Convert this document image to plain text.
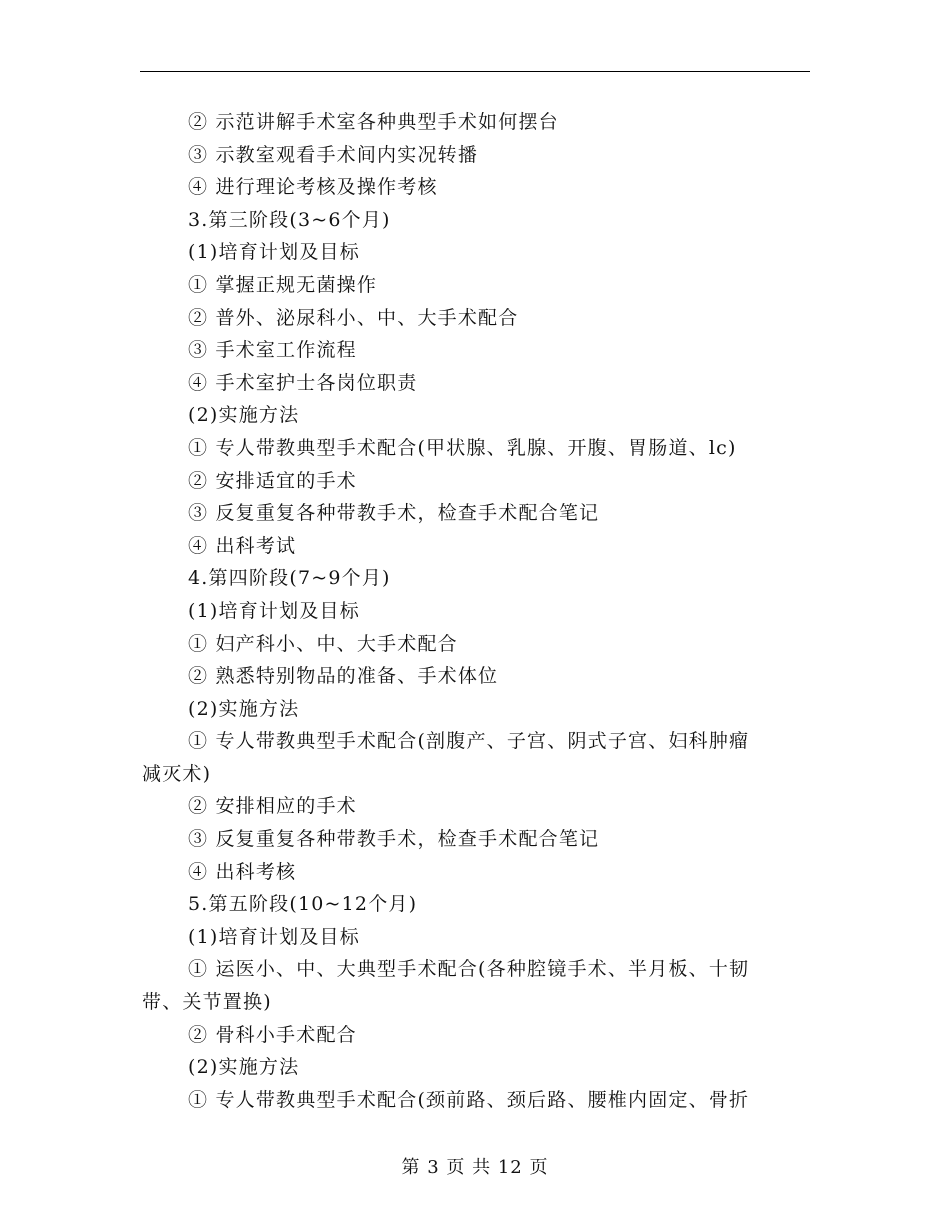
② 示范讲解手术室各种典型手术如何摆台
③ 示教室观看手术间内实况转播
④ 进行理论考核及操作考核
3.第三阶段(3~6个月)
(1)培育计划及目标
① 掌握正规无菌操作
② 普外、泌尿科小、中、大手术配合
③ 手术室工作流程
④ 手术室护士各岗位职责
(2)实施方法
① 专人带教典型手术配合(甲状腺、乳腺、开腹、胃肠道、lc)
② 安排适宜的手术
③ 反复重复各种带教手术，检查手术配合笔记
④ 出科考试
4.第四阶段(7~9个月)
(1)培育计划及目标
① 妇产科小、中、大手术配合
② 熟悉特别物品的准备、手术体位
(2)实施方法
① 专人带教典型手术配合(剖腹产、子宫、阴式子宫、妇科肿瘤
减灭术)
② 安排相应的手术
③ 反复重复各种带教手术，检查手术配合笔记
④ 出科考核
5.第五阶段(10~12个月)
(1)培育计划及目标
① 运医小、中、大典型手术配合(各种腔镜手术、半月板、十韧
带、关节置换)
② 骨科小手术配合
(2)实施方法
① 专人带教典型手术配合(颈前路、颈后路、腰椎内固定、骨折
第 3 页 共 12 页
